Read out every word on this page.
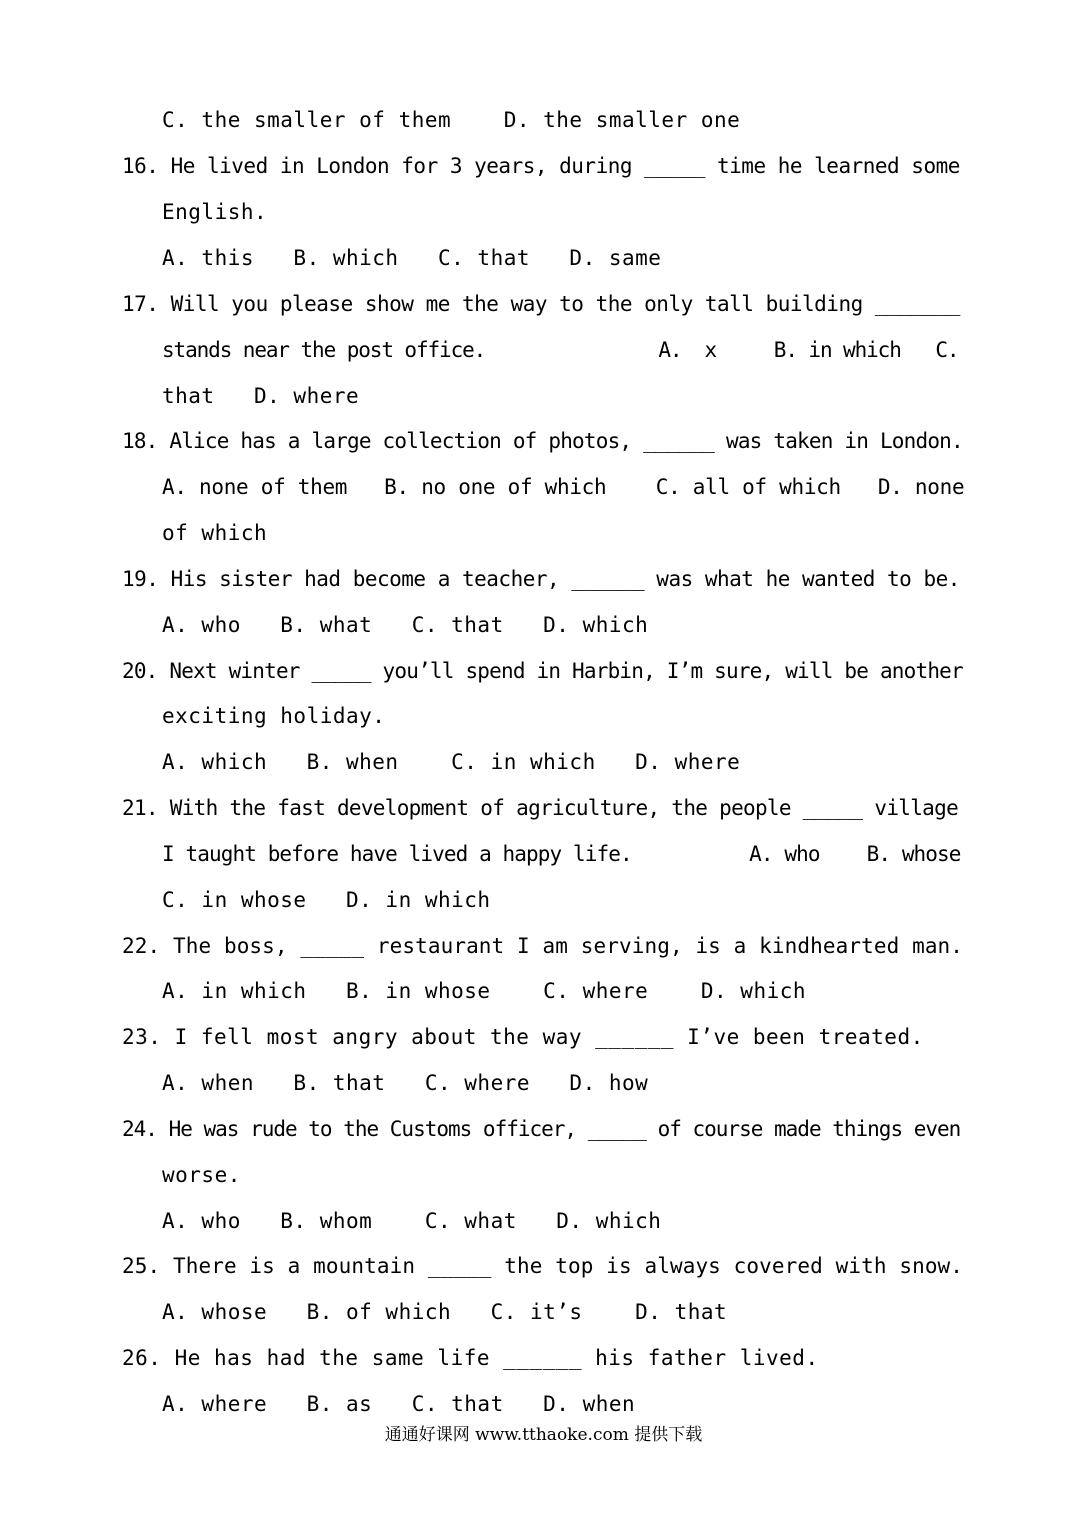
C. the smaller of them    D. the smaller one
16. He lived in London for 3 years, during _____ time he learned some
English.
A. this   B. which   C. that   D. same
17. Will you please show me the way to the only tall building _______
stands near the post office.               A.  x     B. in which   C.
that   D. where
18. Alice has a large collection of photos, ______ was taken in London.
A. none of them   B. no one of which    C. all of which   D. none
of which
19. His sister had become a teacher, ______ was what he wanted to be.
A. who   B. what   C. that   D. which
20. Next winter _____ you’ll spend in Harbin, I’m sure, will be another
exciting holiday.
A. which   B. when    C. in which   D. where
21. With the fast development of agriculture, the people _____ village
I taught before have lived a happy life.          A. who    B. whose
C. in whose   D. in which
22. The boss, _____ restaurant I am serving, is a kindhearted man.
A. in which   B. in whose    C. where    D. which
23. I fell most angry about the way ______ I’ve been treated.
A. when   B. that   C. where   D. how
24. He was rude to the Customs officer, _____ of course made things even
worse.
A. who   B. whom    C. what   D. which
25. There is a mountain _____ the top is always covered with snow.
A. whose   B. of which   C. it’s    D. that
26. He has had the same life ______ his father lived.
A. where   B. as   C. that   D. when
通通好课网 www.tthaoke.com 提供下载
